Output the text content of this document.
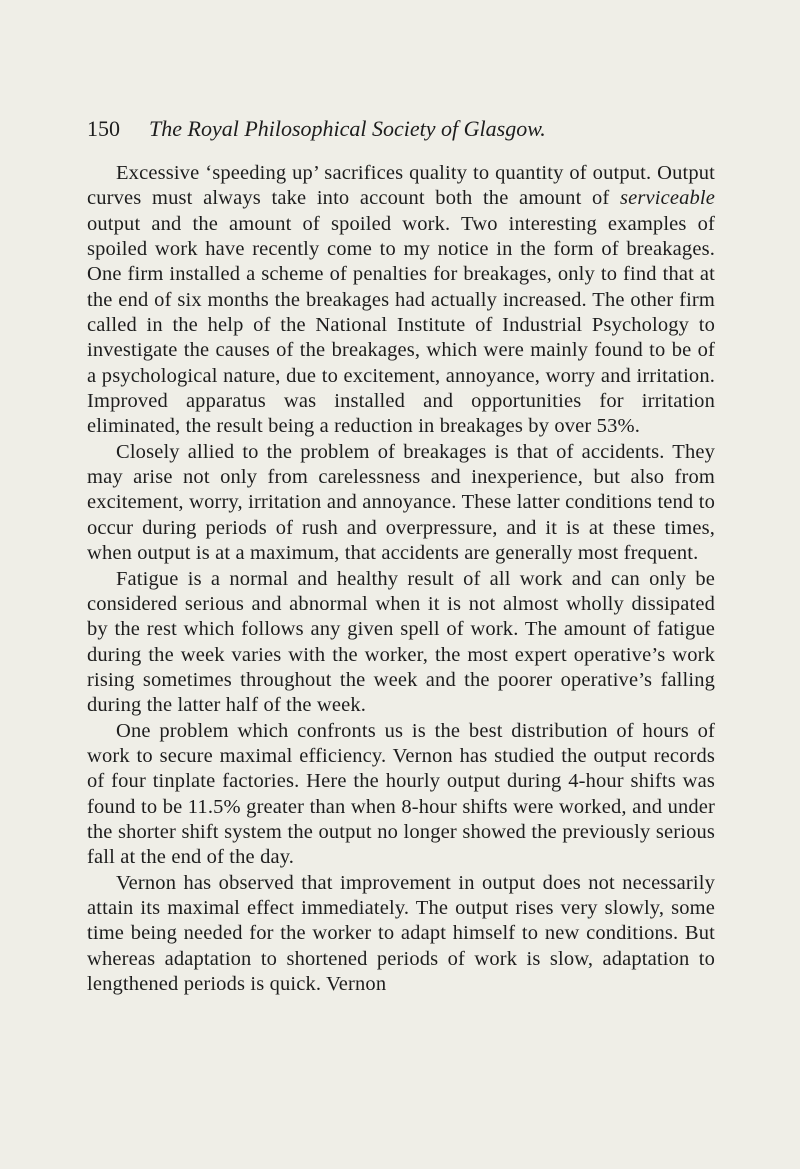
150 The Royal Philosophical Society of Glasgow.

Excessive ‘speeding up’ sacrifices quality to quantity of output. Output curves must always take into account both the amount of serviceable output and the amount of spoiled work. Two interesting examples of spoiled work have recently come to my notice in the form of breakages. One firm installed a scheme of penalties for breakages, only to find that at the end of six months the breakages had actually increased. The other firm called in the help of the National Institute of Industrial Psychology to investigate the causes of the breakages, which were mainly found to be of a psychological nature, due to excitement, annoyance, worry and irritation. Improved apparatus was installed and opportunities for irritation eliminated, the result being a reduction in breakages by over 53%.

Closely allied to the problem of breakages is that of accidents. They may arise not only from carelessness and inexperience, but also from excitement, worry, irritation and annoyance. These latter conditions tend to occur during periods of rush and overpressure, and it is at these times, when output is at a maximum, that accidents are generally most frequent.

Fatigue is a normal and healthy result of all work and can only be considered serious and abnormal when it is not almost wholly dissipated by the rest which follows any given spell of work. The amount of fatigue during the week varies with the worker, the most expert operative’s work rising sometimes throughout the week and the poorer operative’s falling during the latter half of the week.

One problem which confronts us is the best distribution of hours of work to secure maximal efficiency. Vernon has studied the output records of four tinplate factories. Here the hourly output during 4-hour shifts was found to be 11.5% greater than when 8-hour shifts were worked, and under the shorter shift system the output no longer showed the previously serious fall at the end of the day.

Vernon has observed that improvement in output does not necessarily attain its maximal effect immediately. The output rises very slowly, some time being needed for the worker to adapt himself to new conditions. But whereas adaptation to shortened periods of work is slow, adaptation to lengthened periods is quick. Vernon
